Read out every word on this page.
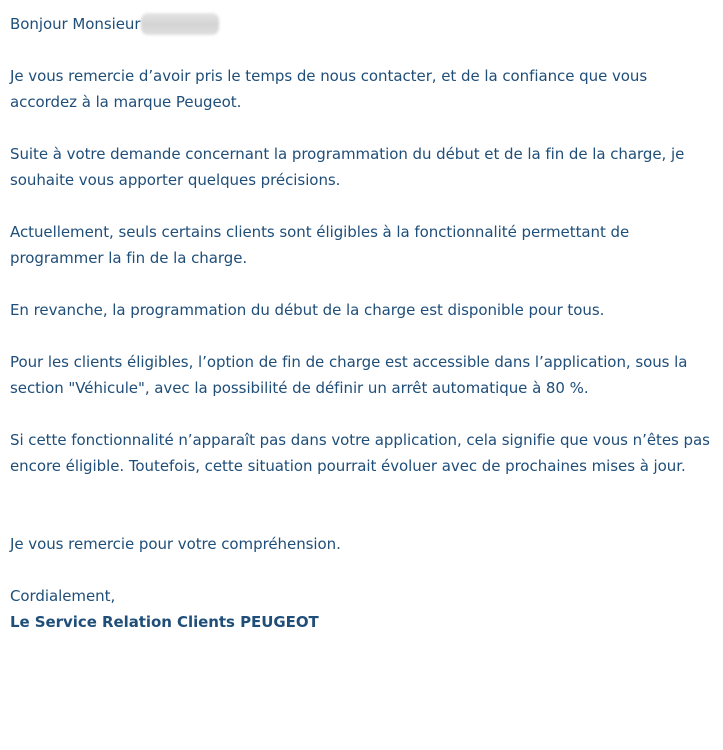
Bonjour Monsieur

Je vous remercie d’avoir pris le temps de nous contacter, et de la confiance que vous accordez à la marque Peugeot.

Suite à votre demande concernant la programmation du début et de la fin de la charge, je souhaite vous apporter quelques précisions.

Actuellement, seuls certains clients sont éligibles à la fonctionnalité permettant de programmer la fin de la charge.

En revanche, la programmation du début de la charge est disponible pour tous.

Pour les clients éligibles, l’option de fin de charge est accessible dans l’application, sous la section "Véhicule", avec la possibilité de définir un arrêt automatique à 80 %.

Si cette fonctionnalité n’apparaît pas dans votre application, cela signifie que vous n’êtes pas encore éligible. Toutefois, cette situation pourrait évoluer avec de prochaines mises à jour.

Je vous remercie pour votre compréhension.

Cordialement,

Le Service Relation Clients PEUGEOT
